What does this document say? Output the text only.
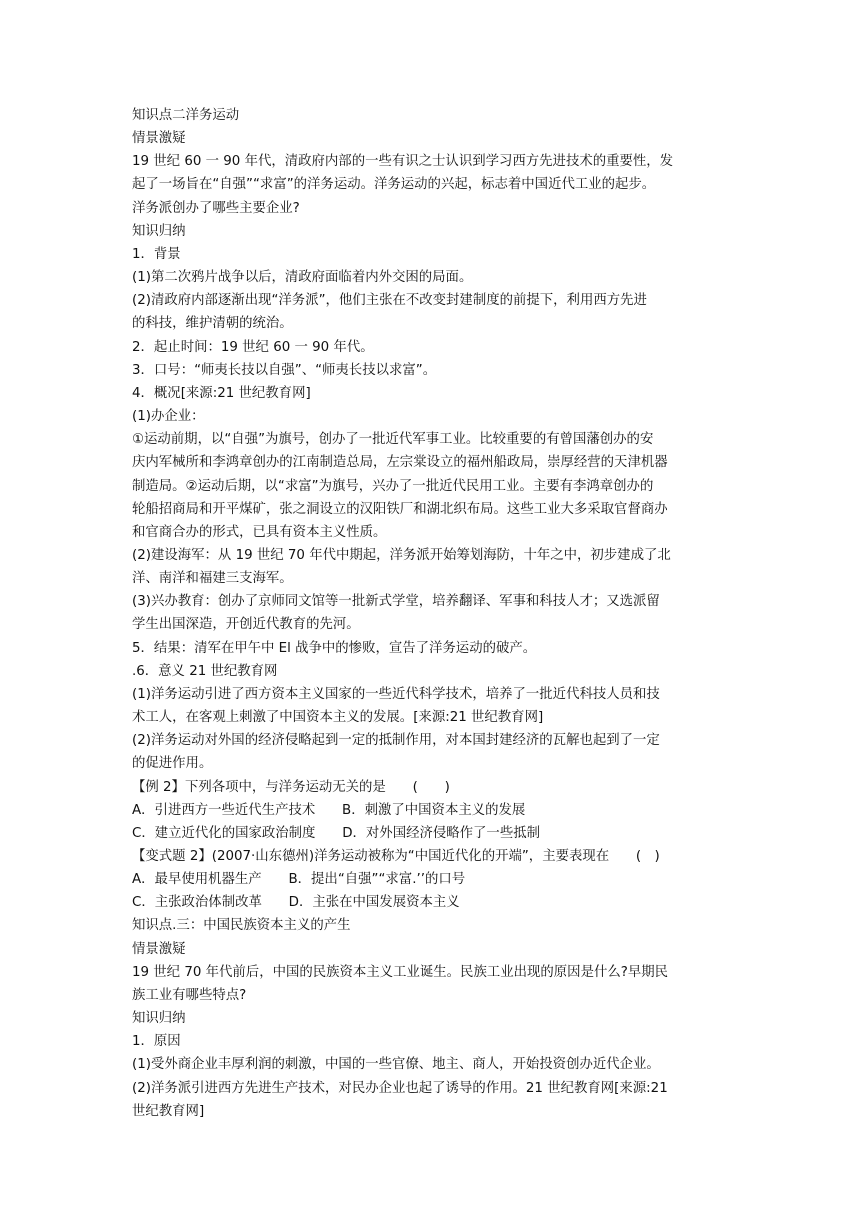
知识点二洋务运动
情景激疑
19 世纪 60 一 90 年代，清政府内部的一些有识之士认识到学习西方先进技术的重要性，发
起了一场旨在“自强”“求富”的洋务运动。洋务运动的兴起，标志着中国近代工业的起步。
洋务派创办了哪些主要企业?
知识归纳
1．背景
(1)第二次鸦片战争以后，清政府面临着内外交困的局面。
(2)清政府内部逐渐出现“洋务派”，他们主张在不改变封建制度的前提下，利用西方先进
的科技，维护清朝的统治。
2．起止时间：19 世纪 60 一 90 年代。
3．口号：“师夷长技以自强”、“师夷长技以求富”。
4．概况[来源:21 世纪教育网]
(1)办企业：
①运动前期，以“自强”为旗号，创办了一批近代军事工业。比较重要的有曾国藩创办的安
庆内军械所和李鸿章创办的江南制造总局，左宗棠设立的福州船政局，崇厚经营的天津机器
制造局。②运动后期，以“求富”为旗号，兴办了一批近代民用工业。主要有李鸿章创办的
轮船招商局和开平煤矿，张之洞设立的汉阳铁厂和湖北织布局。这些工业大多采取官督商办
和官商合办的形式，已具有资本主义性质。
(2)建设海军：从 19 世纪 70 年代中期起，洋务派开始筹划海防，十年之中，初步建成了北
洋、南洋和福建三支海军。
(3)兴办教育：创办了京师同文馆等一批新式学堂，培养翻译、军事和科技人才；又选派留
学生出国深造，开创近代教育的先河。
5．结果：清军在甲午中 El 战争中的惨败，宣告了洋务运动的破产。
.6．意义 21 世纪教育网
(1)洋务运动引进了西方资本主义国家的一些近代科学技术，培养了一批近代科技人员和技
术工人，在客观上刺激了中国资本主义的发展。[来源:21 世纪教育网]
(2)洋务运动对外国的经济侵略起到一定的抵制作用，对本国封建经济的瓦解也起到了一定
的促进作用。
【例 2】下列各项中，与洋务运动无关的是　　(　　)
A．引进西方一些近代生产技术　　B．刺激了中国资本主义的发展
C．建立近代化的国家政治制度　　D．对外国经济侵略作了一些抵制
【变式题 2】(2007·山东德州)洋务运动被称为“中国近代化的开端”，主要表现在　　(　)
A．最早使用机器生产　　B．提出“自强”“求富.’’的口号
C．主张政治体制改革　　D．主张在中国发展资本主义
知识点.三：中国民族资本主义的产生
情景激疑
19 世纪 70 年代前后，中国的民族资本主义工业诞生。民族工业出现的原因是什么?早期民
族工业有哪些特点?
知识归纳
1．原因
(1)受外商企业丰厚利润的刺激，中国的一些官僚、地主、商人，开始投资创办近代企业。
(2)洋务派引进西方先进生产技术，对民办企业也起了诱导的作用。21 世纪教育网[来源:21
世纪教育网]
